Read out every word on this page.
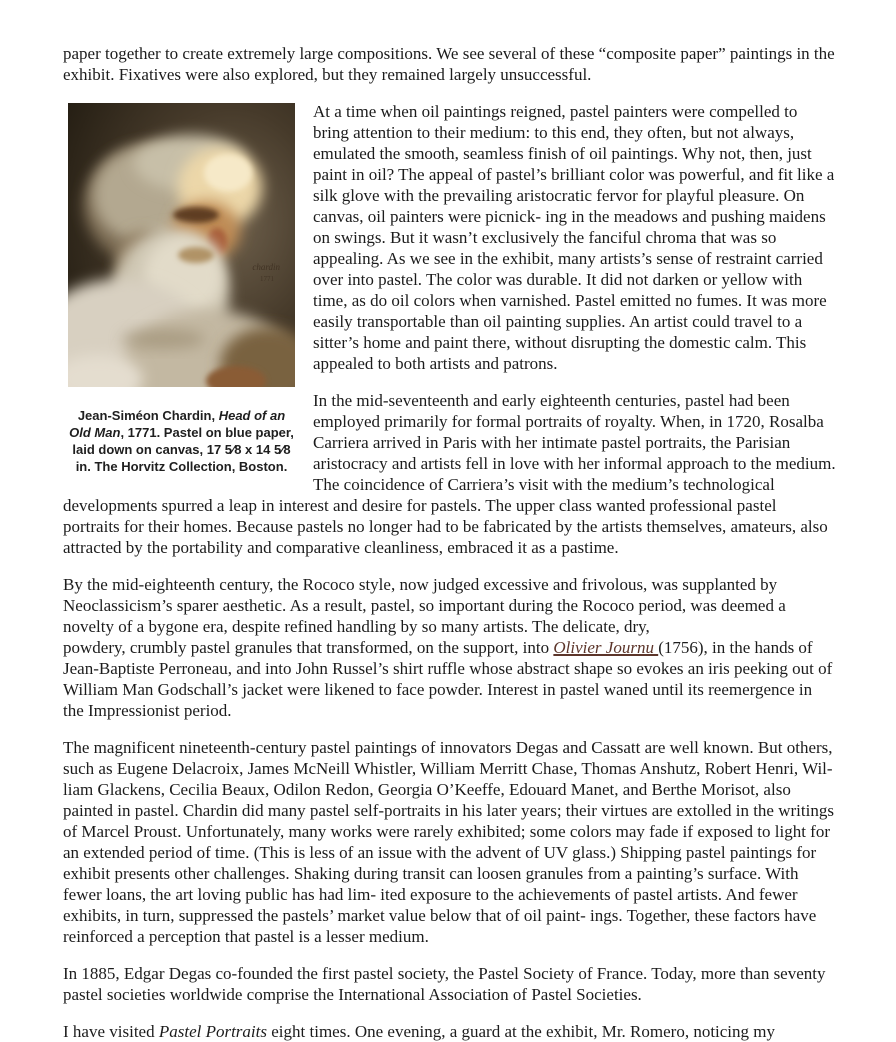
paper together to create extremely large compositions. We see several of these “composite paper” paintings in the exhibit. Fixatives were also explored, but they remained largely unsuccessful.

chardin
1771
Jean-Siméon Chardin, Head of an Old Man, 1771. Pastel on blue paper, laid down on canvas, 17 5⁄8 x 14 5⁄8 in. The Horvitz Collection, Boston.

At a time when oil paintings reigned, pastel painters were compelled to bring attention to their medium: to this end, they often, but not always, emulated the smooth, seamless finish of oil paintings. Why not, then, just paint in oil? The appeal of pastel’s brilliant color was powerful, and fit like a silk glove with the prevailing aristocratic fervor for playful pleasure. On canvas, oil painters were picnick- ing in the meadows and pushing maidens on swings. But it wasn’t exclusively the fanciful chroma that was so appealing. As we see in the exhibit, many artists’s sense of restraint carried over into pastel. The color was durable. It did not darken or yellow with time, as do oil colors when varnished. Pastel emitted no fumes. It was more easily transportable than oil painting supplies. An artist could travel to a sitter’s home and paint there, without disrupting the domestic calm. This appealed to both artists and patrons.

In the mid-seventeenth and early eighteenth centuries, pastel had been employed primarily for formal portraits of royalty. When, in 1720, Rosalba Carriera arrived in Paris with her intimate pastel portraits, the Parisian aristocracy and artists fell in love with her informal approach to the medium. The coincidence of Carriera’s visit with the medium’s technological developments spurred a leap in interest and desire for pastels. The upper class wanted professional pastel portraits for their homes. Because pastels no longer had to be fabricated by the artists themselves, amateurs, also attracted by the portability and comparative cleanliness, embraced it as a pastime.

By the mid-eighteenth century, the Rococo style, now judged excessive and frivolous, was supplanted by Neoclassicism’s sparer aesthetic. As a result, pastel, so important during the Rococo period, was deemed a novelty of a bygone era, despite refined handling by so many artists. The delicate, dry,
powdery, crumbly pastel granules that transformed, on the support, into Olivier Journu (1756), in the hands of Jean-Baptiste Perroneau, and into John Russel’s shirt ruffle whose abstract shape so evokes an iris peeking out of William Man Godschall’s jacket were likened to face powder. Interest in pastel waned until its reemergence in the Impressionist period.

The magnificent nineteenth-century pastel paintings of innovators Degas and Cassatt are well known. But others, such as Eugene Delacroix, James McNeill Whistler, William Merritt Chase, Thomas Anshutz, Robert Henri, Wil- liam Glackens, Cecilia Beaux, Odilon Redon, Georgia O’Keeffe, Edouard Manet, and Berthe Morisot, also painted in pastel. Chardin did many pastel self-portraits in his later years; their virtues are extolled in the writings of Marcel Proust. Unfortunately, many works were rarely exhibited; some colors may fade if exposed to light for an extended period of time. (This is less of an issue with the advent of UV glass.) Shipping pastel paintings for exhibit presents other challenges. Shaking during transit can loosen granules from a painting’s surface. With fewer loans, the art loving public has had lim- ited exposure to the achievements of pastel artists. And fewer exhibits, in turn, suppressed the pastels’ market value below that of oil paint- ings. Together, these factors have reinforced a perception that pastel is a lesser medium.

In 1885, Edgar Degas co-founded the first pastel society, the Pastel Society of France. Today, more than seventy pastel societies worldwide comprise the International Association of Pastel Societies.

I have visited Pastel Portraits eight times. One evening, a guard at the exhibit, Mr. Romero, noticing my
